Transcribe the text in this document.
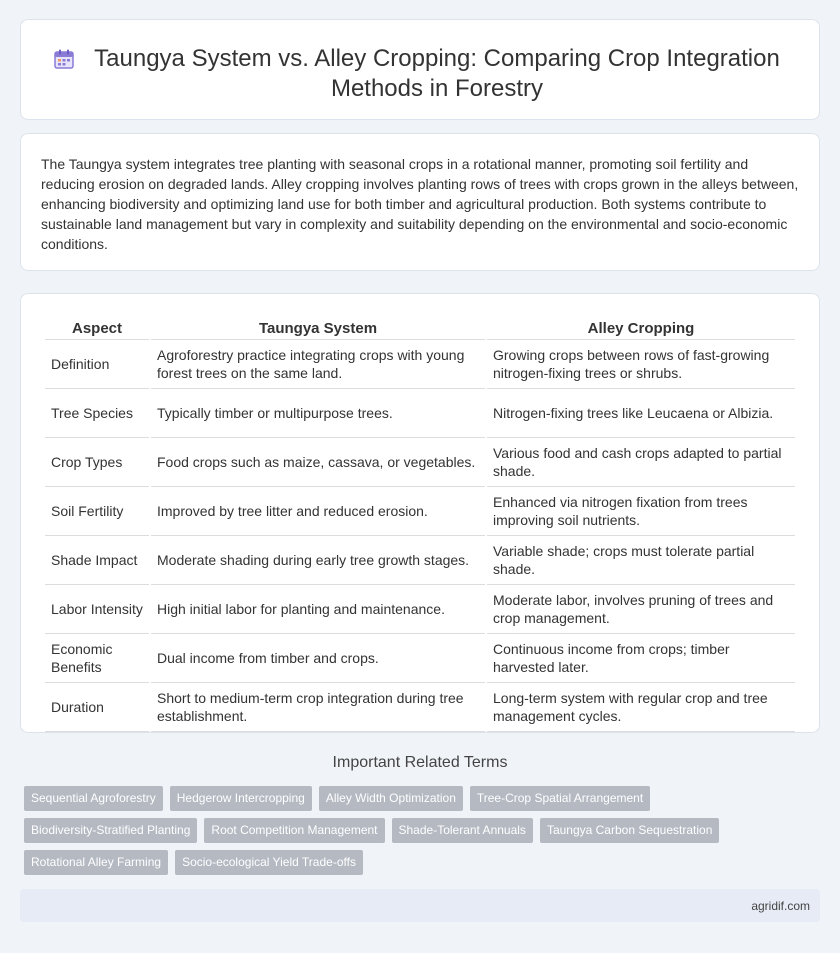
Taungya System vs. Alley Cropping: Comparing Crop Integration Methods in Forestry

The Taungya system integrates tree planting with seasonal crops in a rotational manner, promoting soil fertility and reducing erosion on degraded lands. Alley cropping involves planting rows of trees with crops grown in the alleys between, enhancing biodiversity and optimizing land use for both timber and agricultural production. Both systems contribute to sustainable land management but vary in complexity and suitability depending on the environmental and socio-economic conditions.

Aspect	Taungya System	Alley Cropping
Definition	Agroforestry practice integrating crops with young forest trees on the same land.	Growing crops between rows of fast-growing nitrogen-fixing trees or shrubs.
Tree Species	Typically timber or multipurpose trees.	Nitrogen-fixing trees like Leucaena or Albizia.
Crop Types	Food crops such as maize, cassava, or vegetables.	Various food and cash crops adapted to partial shade.
Soil Fertility	Improved by tree litter and reduced erosion.	Enhanced via nitrogen fixation from trees improving soil nutrients.
Shade Impact	Moderate shading during early tree growth stages.	Variable shade; crops must tolerate partial shade.
Labor Intensity	High initial labor for planting and maintenance.	Moderate labor, involves pruning of trees and crop management.
Economic Benefits	Dual income from timber and crops.	Continuous income from crops; timber harvested later.
Duration	Short to medium-term crop integration during tree establishment.	Long-term system with regular crop and tree management cycles.
Important Related Terms
Sequential Agroforestry	Hedgerow Intercropping	Alley Width Optimization	Tree-Crop Spatial Arrangement
Biodiversity-Stratified Planting	Root Competition Management	Shade-Tolerant Annuals	Taungya Carbon Sequestration
Rotational Alley Farming	Socio-ecological Yield Trade-offs
agridif.com
